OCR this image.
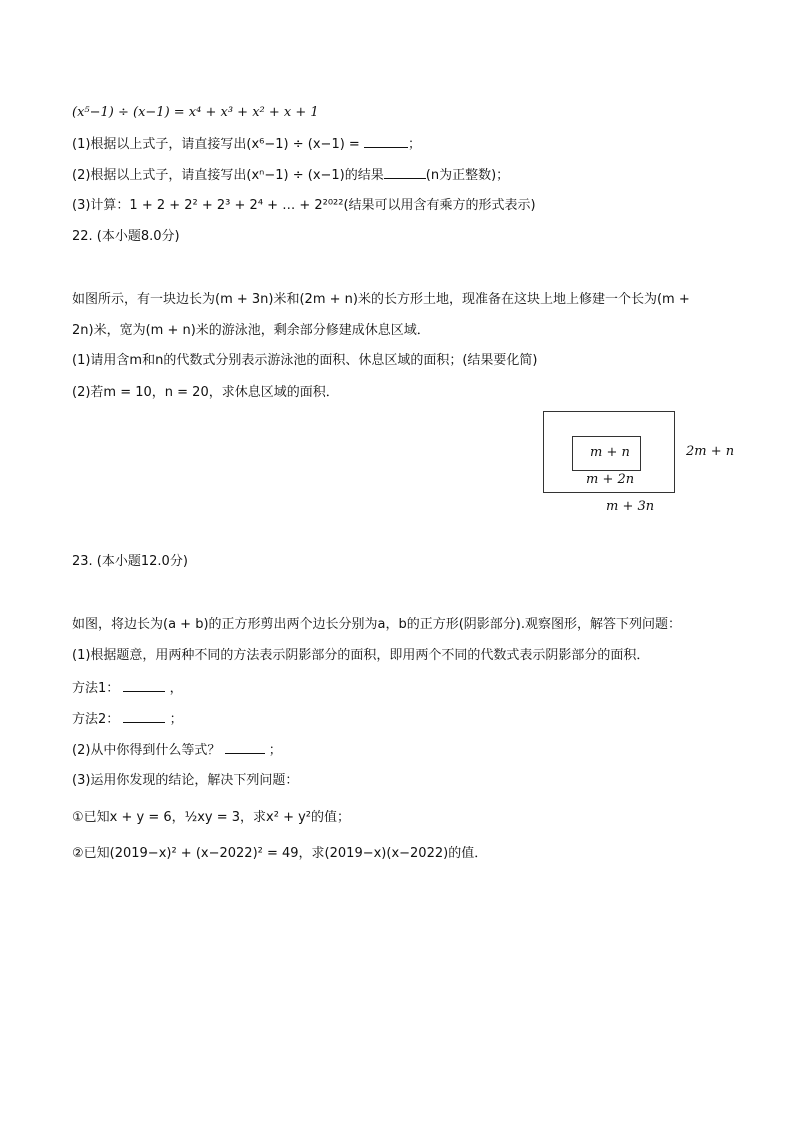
(x⁵−1) ÷ (x−1) = x⁴ + x³ + x² + x + 1
(1)根据以上式子，请直接写出(x⁶−1) ÷ (x−1) =	；
(2)根据以上式子，请直接写出(xⁿ−1) ÷ (x−1)的结果	(n为正整数)；
(3)计算：1 + 2 + 2² + 2³ + 2⁴ + … + 2²⁰²²(结果可以用含有乘方的形式表示)
22. (本小题8.0分)
如图所示，有一块边长为(m + 3n)米和(2m + n)米的长方形土地，现准备在这块上地上修建一个长为(m +
2n)米，宽为(m + n)米的游泳池，剩余部分修建成休息区域．
(1)请用含m和n的代数式分别表示游泳池的面积、休息区域的面积；(结果要化简)
(2)若m = 10，n = 20，求休息区域的面积．
m + n
m + 2n
2m + n
m + 3n
23. (本小题12.0分)
如图，将边长为(a + b)的正方形剪出两个边长分别为a，b的正方形(阴影部分).观察图形，解答下列问题：
(1)根据题意，用两种不同的方法表示阴影部分的面积，即用两个不同的代数式表示阴影部分的面积．
方法1：	，
方法2：	；
(2)从中你得到什么等式？	；
(3)运用你发现的结论，解决下列问题：
①已知x + y = 6，½xy = 3，求x² + y²的值；
②已知(2019−x)² + (x−2022)² = 49，求(2019−x)(x−2022)的值．
